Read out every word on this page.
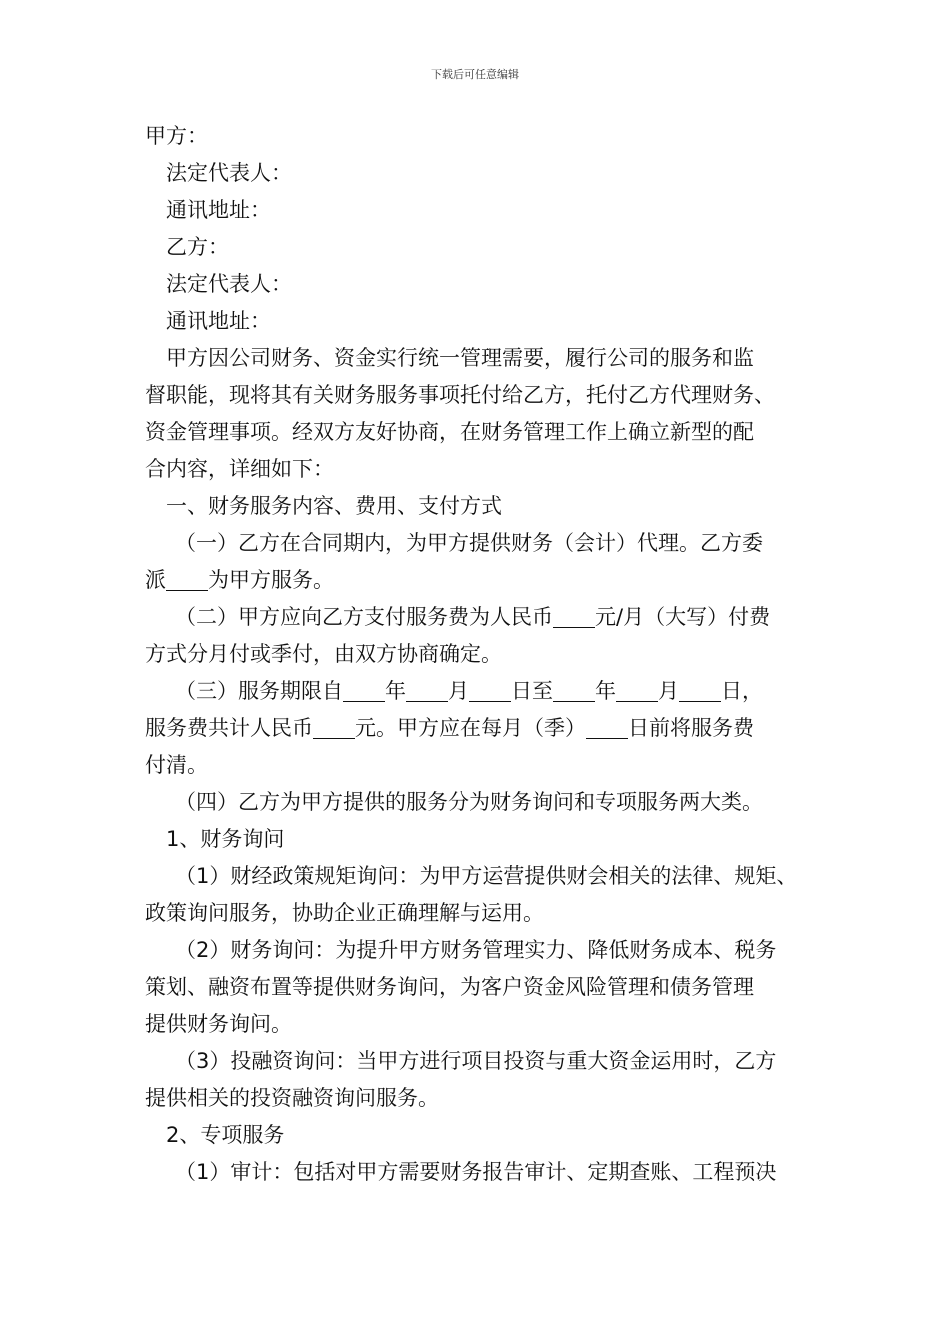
下载后可任意编辑
甲方：
法定代表人：
通讯地址：
乙方：
法定代表人：
通讯地址：
甲方因公司财务、资金实行统一管理需要，履行公司的服务和监
督职能，现将其有关财务服务事项托付给乙方，托付乙方代理财务、
资金管理事项。经双方友好协商，在财务管理工作上确立新型的配
合内容，详细如下：
一、财务服务内容、费用、支付方式
（一）乙方在合同期内，为甲方提供财务（会计）代理。乙方委
派 为甲方服务。
（二）甲方应向乙方支付服务费为人民币 元/月（大写）付费
方式分月付或季付，由双方协商确定。
（三）服务期限自 年 月 日至 年 月 日，
服务费共计人民币 元。甲方应在每月（季） 日前将服务费
付清。
（四）乙方为甲方提供的服务分为财务询问和专项服务两大类。
1、财务询问
（1）财经政策规矩询问：为甲方运营提供财会相关的法律、规矩、
政策询问服务，协助企业正确理解与运用。
（2）财务询问：为提升甲方财务管理实力、降低财务成本、税务
策划、融资布置等提供财务询问，为客户资金风险管理和债务管理
提供财务询问。
（3）投融资询问：当甲方进行项目投资与重大资金运用时，乙方
提供相关的投资融资询问服务。
2、专项服务
（1）审计：包括对甲方需要财务报告审计、定期查账、工程预决
